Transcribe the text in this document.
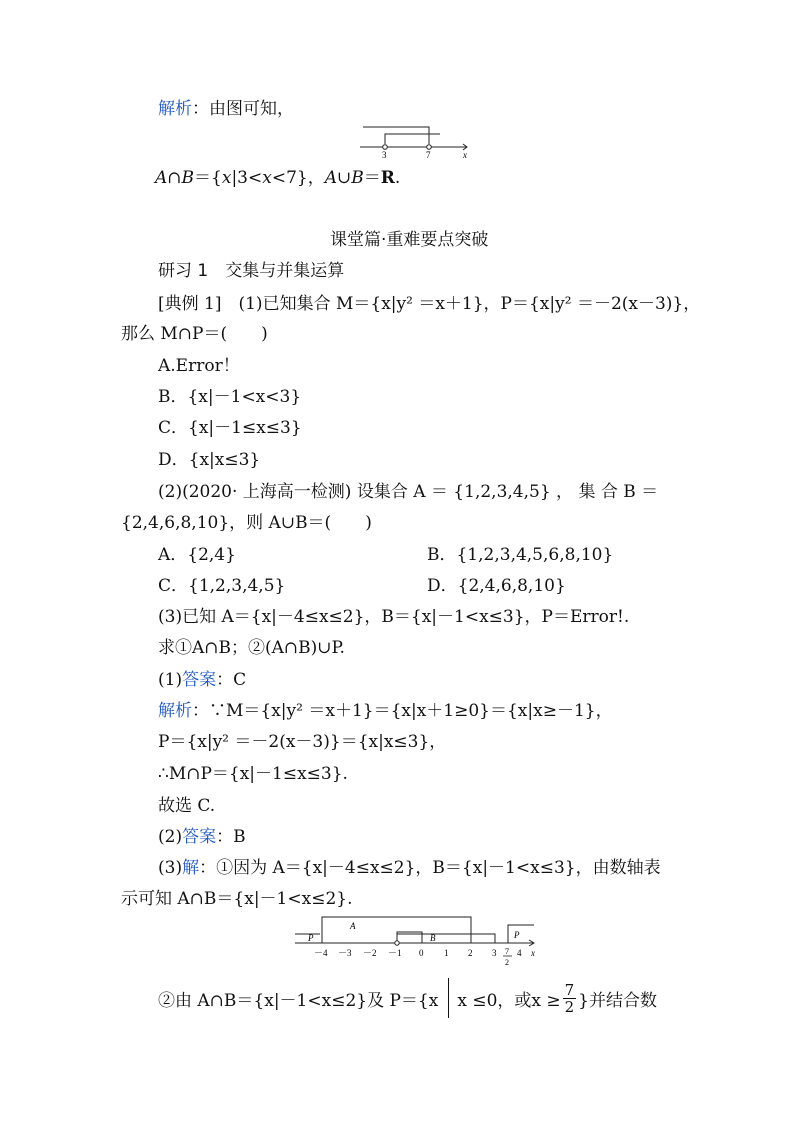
解析：由图可知，
3	7	x
A∩B＝{x|3<x<7}，A∪B＝R.
课堂篇·重难要点突破
研习 1　交集与并集运算
[典例 1]　(1)已知集合 M＝{x|y² ＝x＋1}，P＝{x|y² ＝－2(x－3)}，
那么 M∩P＝(　　)
A.Error！
B．{x|－1<x<3}
C．{x|－1≤x≤3}
D．{x|x≤3}
(2)(2020· 上海高一检测) 设集合 A ＝ {1,2,3,4,5} ， 集 合 B ＝
{2,4,6,8,10}，则 A∪B＝(　　)
A．{2,4}	B．{1,2,3,4,5,6,8,10}
C．{1,2,3,4,5}	D．{2,4,6,8,10}
(3)已知 A＝{x|－4≤x≤2}，B＝{x|－1<x≤3}，P＝Error!.
求①A∩B；②(A∩B)∪P.
(1)答案：C
解析：∵M＝{x|y² ＝x＋1}＝{x|x＋1≥0}＝{x|x≥－1}，
P＝{x|y² ＝－2(x－3)}＝{x|x≤3}，
∴M∩P＝{x|－1≤x≤3}.
故选 C.
(2)答案：B
(3)解：①因为 A＝{x|－4≤x≤2}，B＝{x|－1<x≤3}，由数轴表
示可知 A∩B＝{x|－1<x≤2}.
A
B
P	P
－4 －3 －2 －1 0 1 2 3 7
2
4 x
②由 A∩B＝{x|－1<x≤2}及 P＝{x x ≤0，或$x \ge \frac{7}{2}$ }并结合数
